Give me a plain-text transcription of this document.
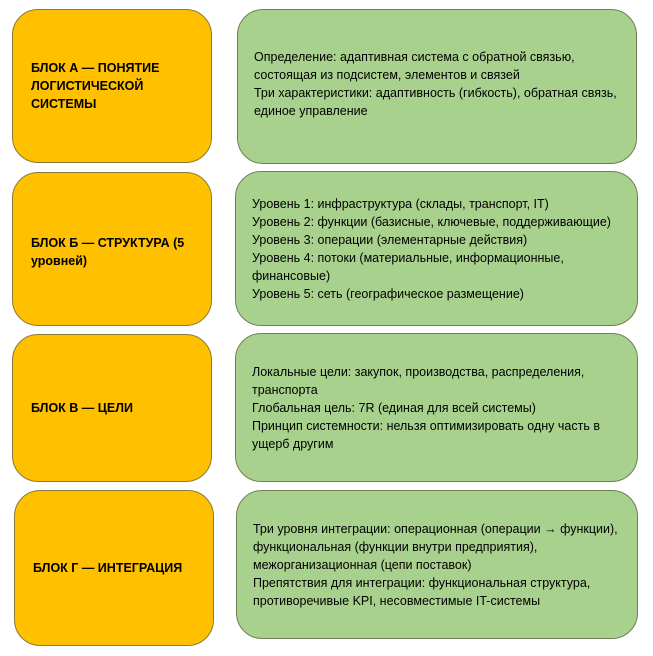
БЛОК А — ПОНЯТИЕ ЛОГИСТИЧЕСКОЙ СИСТЕМЫ
Определение: адаптивная система с обратной связью, состоящая из подсистем, элементов и связей
Три характеристики: адаптивность (гибкость), обратная связь, единое управление
БЛОК Б — СТРУКТУРА (5 уровней)
Уровень 1: инфраструктура (склады, транспорт, IT)
Уровень 2: функции (базисные, ключевые, поддерживающие)
Уровень 3: операции (элементарные действия)
Уровень 4: потоки (материальные, информационные, финансовые)
Уровень 5: сеть (географическое размещение)
БЛОК В — ЦЕЛИ
Локальные цели: закупок, производства, распределения, транспорта
Глобальная цель: 7R (единая для всей системы)
Принцип системности: нельзя оптимизировать одну часть в ущерб другим
БЛОК Г — ИНТЕГРАЦИЯ
Три уровня интеграции: операционная (операции → функции), функциональная (функции внутри предприятия), межорганизационная (цепи поставок)
Препятствия для интеграции: функциональная структура, противоречивые KPI, несовместимые IT-системы
